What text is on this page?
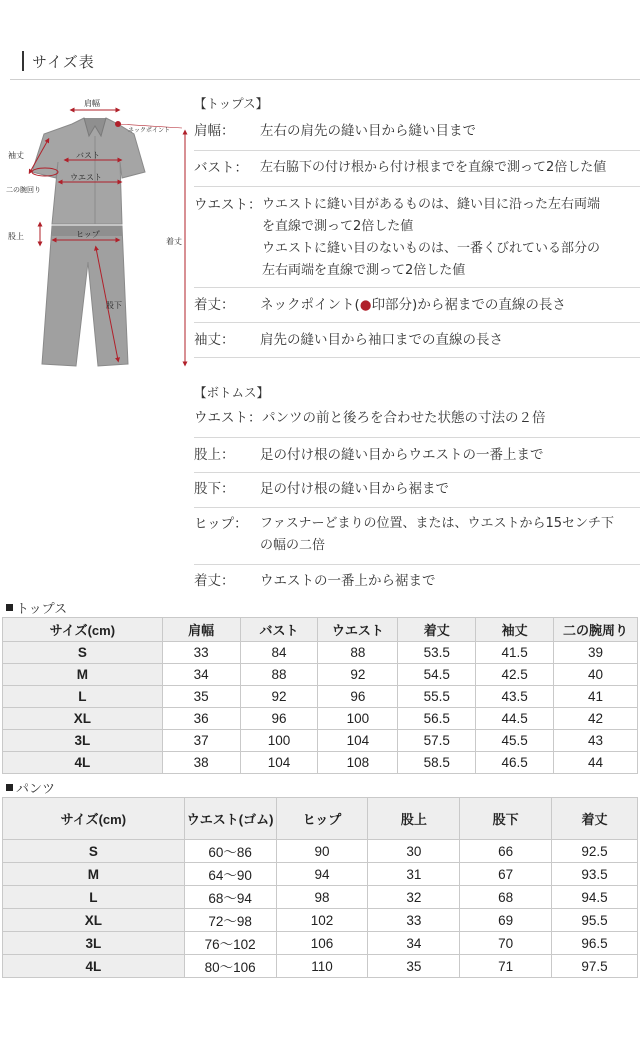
サイズ表
肩幅
ネックポイント
袖丈	バスト
ウエスト
二の腕回り
股上	ヒップ
着丈
股下
【トップス】
肩幅：	左右の肩先の縫い目から縫い目まで
バスト： 左右脇下の付け根から付け根までを直線で測って2倍した値
ウエスト： ウエストに縫い目があるものは、縫い目に沿った左右両端
を直線で測って2倍した値
ウエストに縫い目のないものは、一番くびれている部分の
左右両端を直線で測って2倍した値
着丈：	ネックポイント(●印部分)から裾までの直線の長さ
袖丈：	肩先の縫い目から袖口までの直線の長さ
【ボトムス】
ウエスト： パンツの前と後ろを合わせた状態の寸法の２倍
股上：	足の付け根の縫い目からウエストの一番上まで
股下：	足の付け根の縫い目から裾まで
ヒップ： ファスナーどまりの位置、または、ウエストから15センチ下
の幅の二倍
着丈：	ウエストの一番上から裾まで
トップス
サイズ(cm)	肩幅	バスト	ウエスト	着丈	袖丈	二の腕周り
S	33	84	88	53.5	41.5	39
M	34	88	92	54.5	42.5	40
L	35	92	96	55.5	43.5	41
XL	36	96	100	56.5	44.5	42
3L	37	100	104	57.5	45.5	43
4L	38	104	108	58.5	46.5	44
パンツ
サイズ(cm)	ウエスト(ゴム)	ヒップ	股上	股下	着丈
S	60～86	90	30	66	92.5
M	64～90	94	31	67	93.5
L	68～94	98	32	68	94.5
XL	72～98	102	33	69	95.5
3L	76～102	106	34	70	96.5
4L	80～106	110	35	71	97.5
